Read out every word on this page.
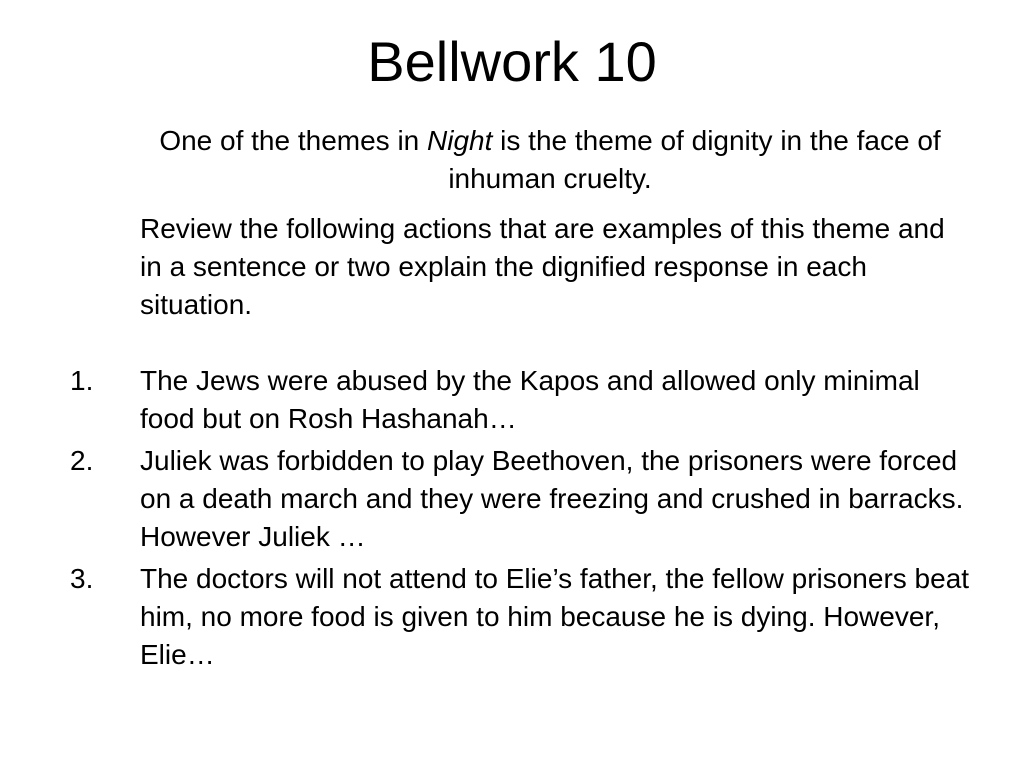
Bellwork 10
One of the themes in Night is the theme of dignity in the face of inhuman cruelty.
Review the following actions that are examples of this theme and in a sentence or two explain the dignified response in each situation.
1. The Jews were abused by the Kapos and allowed only minimal food but on Rosh Hashanah…
2. Juliek was forbidden to play Beethoven, the prisoners were forced on a death march and they were freezing and crushed in barracks. However Juliek …
3. The doctors will not attend to Elie’s father, the fellow prisoners beat him, no more food is given to him because he is dying. However, Elie…
